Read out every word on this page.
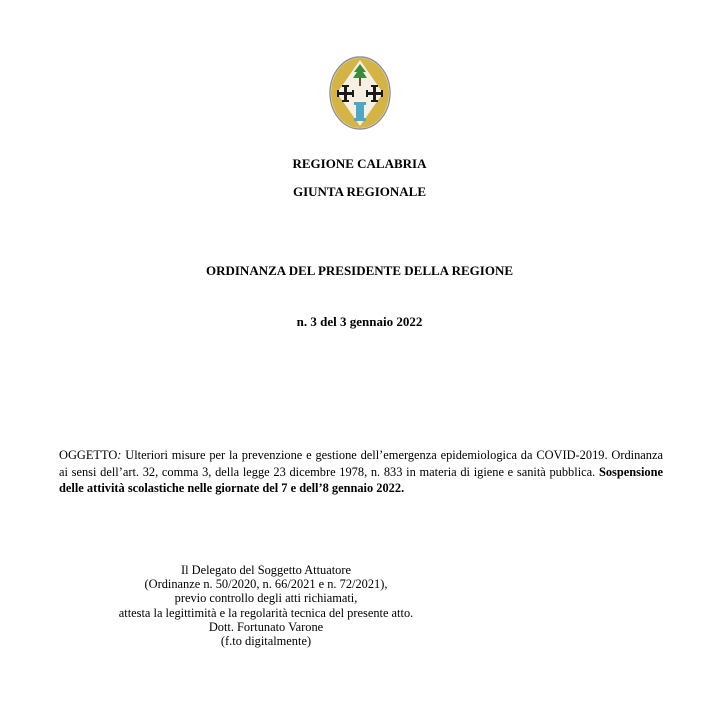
REGIONE CALABRIA
GIUNTA REGIONALE
ORDINANZA DEL PRESIDENTE DELLA REGIONE
n. 3 del 3 gennaio 2022
OGGETTO: Ulteriori misure per la prevenzione e gestione dell’emergenza epidemiologica da COVID-2019. Ordinanza ai sensi dell’art. 32, comma 3, della legge 23 dicembre 1978, n. 833 in materia di igiene e sanità pubblica. Sospensione delle attività scolastiche nelle giornate del 7 e dell’8 gennaio 2022.
Il Delegato del Soggetto Attuatore
(Ordinanze n. 50/2020, n. 66/2021 e n. 72/2021),
previo controllo degli atti richiamati,
attesta la legittimità e la regolarità tecnica del presente atto.
Dott. Fortunato Varone
(f.to digitalmente)
